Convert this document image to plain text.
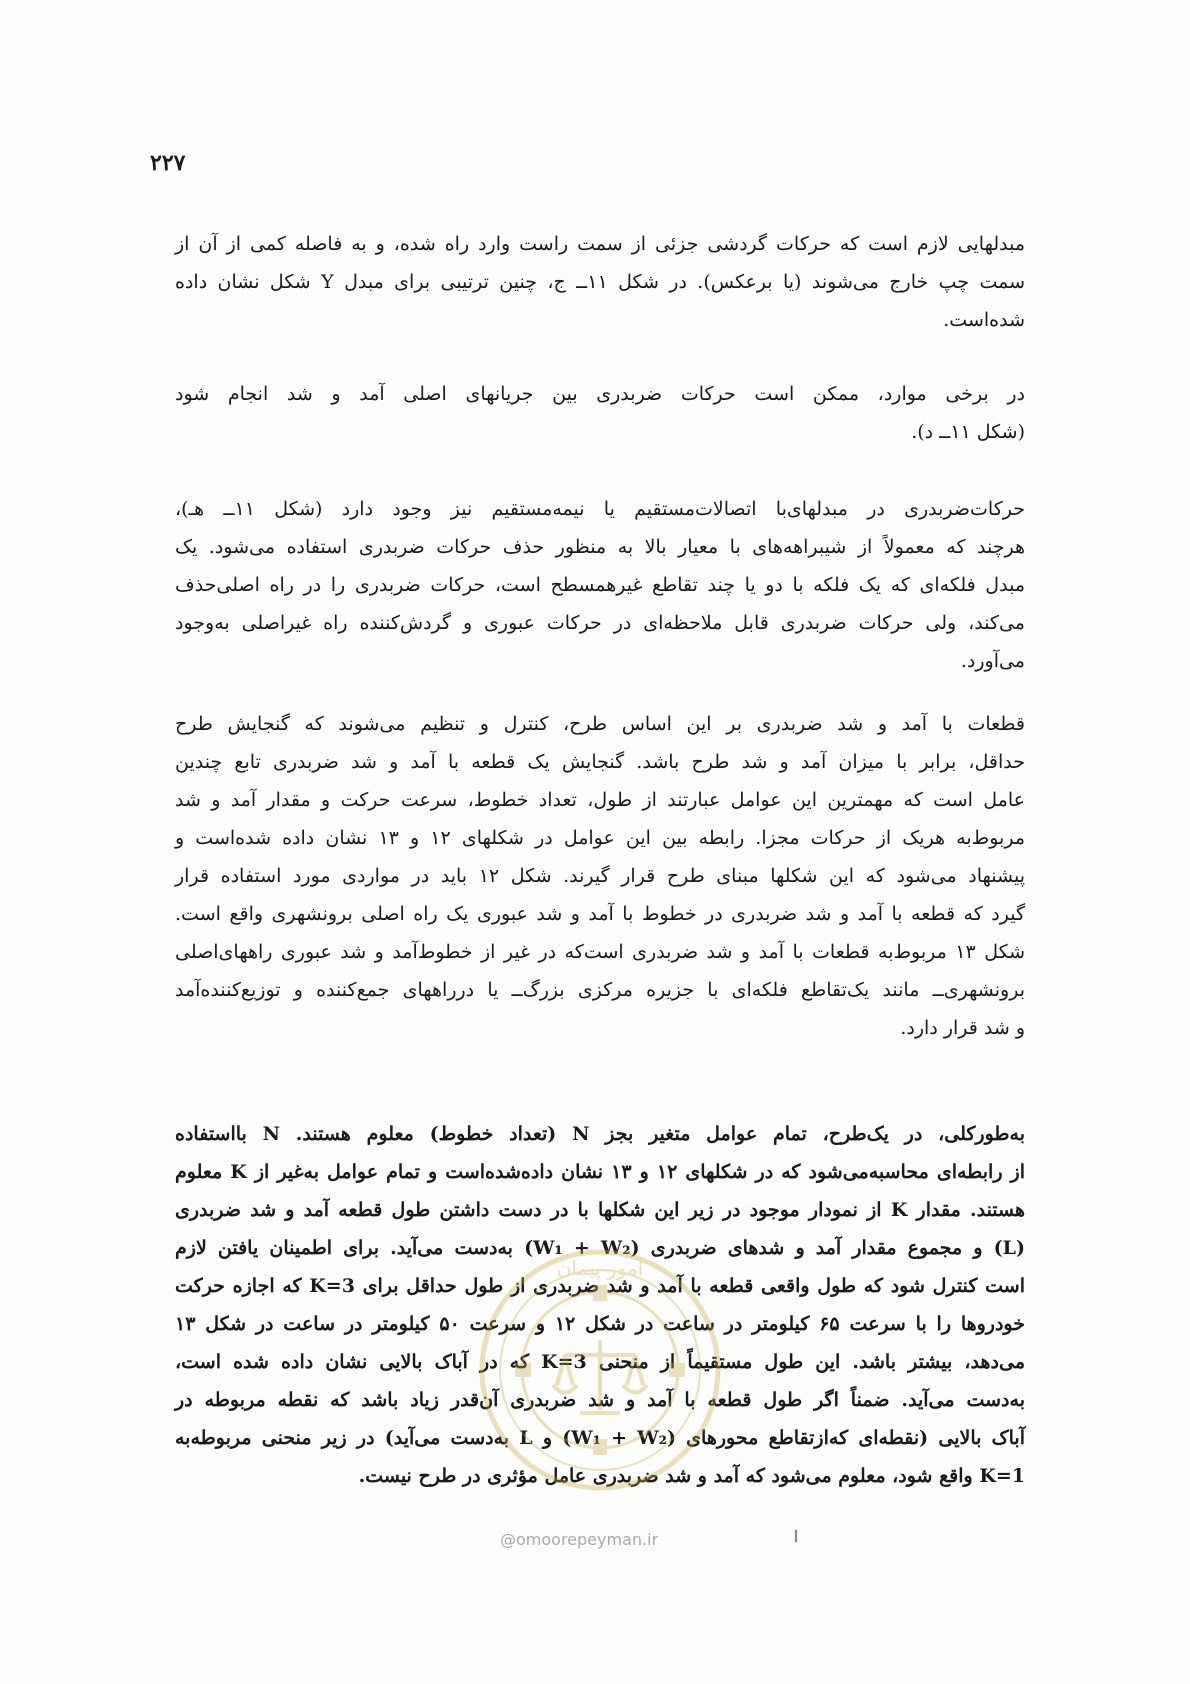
۲۲۷
مبدلهایی لازم است که حرکات گردشی جزئی از سمت راست وارد راه شده، و به فاصله کمی از آن از
سمت چپ خارج می‌شوند (یا برعکس). در شکل ۱۱ــ ج، چنین ترتیبی برای مبدل Y شکل نشان داده
شده‌است.
در برخی موارد، ممکن است حرکات ضربدری بین جریانهای اصلی آمد و شد انجام شود
(شکل ۱۱ــ د).
حرکات‌ضربدری در مبدلهای‌با اتصالات‌مستقیم یا نیمه‌مستقیم نیز وجود دارد (شکل ۱۱ــ هـ)،
هرچند که معمولاً از شیبراهه‌های با معیار بالا به منظور حذف حرکات ضربدری استفاده می‌شود. یک
مبدل فلکه‌ای که یک فلکه با دو یا چند تقاطع غیرهمسطح است، حرکات ضربدری را در راه اصلی‌حذف
می‌کند، ولی حرکات ضربدری قابل ملاحظه‌ای در حرکات عبوری و گردش‌کننده راه غیراصلی به‌وجود
می‌آورد.
قطعات با آمد و شد ضربدری بر این اساس طرح، کنترل و تنظیم می‌شوند که گنجایش طرح
حداقل، برابر با میزان آمد و شد طرح باشد. گنجایش یک قطعه با آمد و شد ضربدری تابع چندین
عامل است که مهمترین این عوامل عبارتند از طول، تعداد خطوط، سرعت حرکت و مقدار آمد و شد
مربوط‌به هریک از حرکات مجزا. رابطه بین این عوامل در شکلهای ۱۲ و ۱۳ نشان داده شده‌است و
پیشنهاد می‌شود که این شکلها مبنای طرح قرار گیرند. شکل ۱۲ باید در مواردی مورد استفاده قرار
گیرد که قطعه با آمد و شد ضربدری در خطوط با آمد و شد عبوری یک راه اصلی برونشهری واقع است.
شکل ۱۳ مربوط‌به قطعات با آمد و شد ضربدری است‌که در غیر از خطوط‌آمد و شد عبوری راههای‌اصلی
برونشهری‌ــ مانند یک‌تقاطع فلکه‌ای با جزیره مرکزی بزرگ‌ــ یا در‌راههای جمع‌کننده و توزیع‌کننده‌آمد
و شد قرار دارد.
به‌طورکلی، در یک‌طرح، تمام عوامل متغیر بجز N (تعداد خطوط) معلوم هستند. N بااستفاده
از رابطه‌ای محاسبه‌می‌شود که در شکلهای ۱۲ و ۱۳ نشان داده‌شده‌است و تمام عوامل به‌غیر از K معلوم
هستند. مقدار K از نمودار موجود در زیر این شکلها با در دست داشتن طول قطعه آمد و شد ضربدری
(L) و مجموع مقدار آمد و شدهای ضربدری (W₁ + W₂) به‌دست می‌آید. برای اطمینان یافتن لازم
است کنترل شود که طول واقعی قطعه با آمد و شد ضربدری از طول حداقل برای K=3 که اجازه حرکت
خودروها را با سرعت ۶۵ کیلومتر در ساعت در شکل ۱۲ و سرعت ۵۰ کیلومتر در ساعت در شکل ۱۳
می‌دهد، بیشتر باشد. این طول مستقیماً از منحنی K=3 که در آباک بالایی نشان داده شده است،
به‌دست می‌آید. ضمناً اگر طول قطعه با آمد و شد ضربدری آن‌قدر زیاد باشد که نقطه مربوطه در
آباک بالایی (نقطه‌ای که‌ازتقاطع محورهای (W₁ + W₂) و L به‌دست می‌آید) در زیر منحنی مربوطه‌به
K=1 واقع شود، معلوم می‌شود که آمد و شد ضربدری عامل مؤثری در طرح نیست.
امور پیمان
@omoorepeyman.ir
